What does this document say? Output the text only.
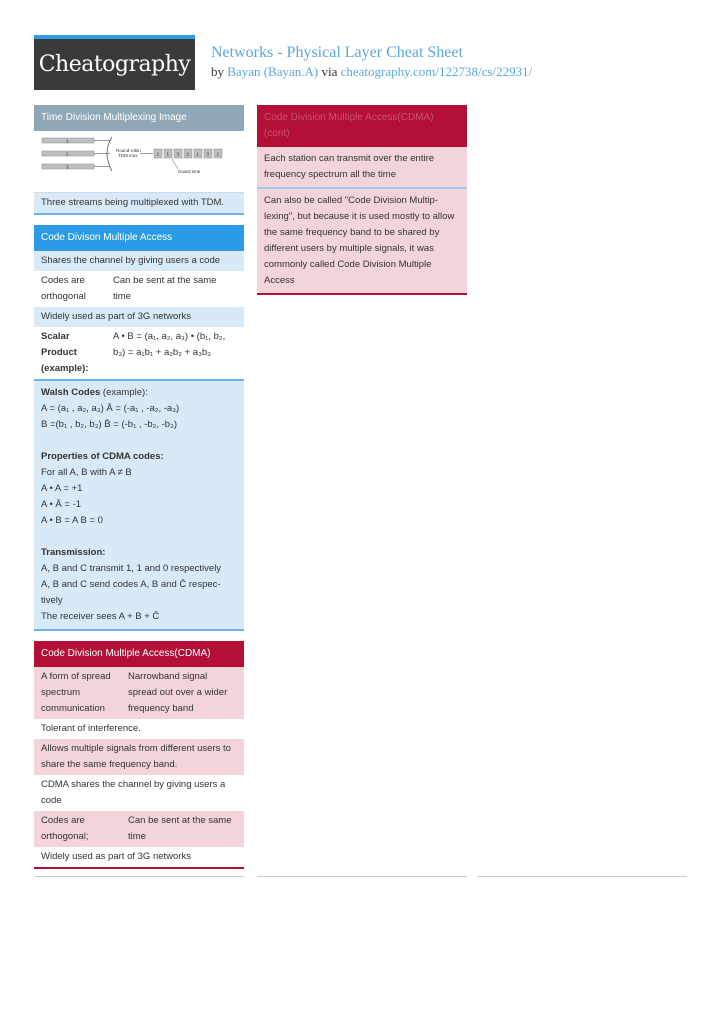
Cheatography Networks - Physical Layer Cheat Sheet
by Bayan (Bayan.A) via cheatography.com/122738/cs/22931/
Time Division Multiplexing Image
1
2
3
Round-robin
TDM mux	2 1 3 2 1 3 2
Guard time
Three streams being multiplexed with TDM.
Code Divison Multiple Access
Shares the channel by giving users a code
Codes are orthogonal
Can be sent at the same time
Widely used as part of 3G networks
Scalar Product (example):
A • B = (a₁, a₂, a₃) • (b₁, b₂, b₃) = a₁b₁ + a₂b₂ + a₃b₃
Walsh Codes (example):
A = (a₁ , a₂, a₃) Ā = (-a₁ , -a₂, -a₃)
B =(b₁ , b₂, b₃) B̄ = (-b₁ , -b₂, -b₃)
Properties of CDMA codes:
For all A, B with A ≠ B
A • A = +1
A • Ā = -1
A • B = A B = 0
Transmission:
A, B and C transmit 1, 1 and 0 respectively
A, B and C send codes A, B and C̄ respec-
tively
The receiver sees A + B + C̄
Code Division Multiple Access(CDMA)
A form of spread spectrum communication
Narrowband signal spread out over a wider frequency band
Tolerant of interference.
Allows multiple signals from different users to share the same frequency band.
CDMA shares the channel by giving users a code
Codes are orthogonal;
Can be sent at the same time
Widely used as part of 3G networks
Code Division Multiple Access(CDMA) (cont)
Each station can transmit over the entire frequency spectrum all the time
Can also be called "Code Division Multip-lexing", but because it is used mostly to allow the same frequency band to be shared by different users by multiple signals, it was commonly called Code Division Multiple Access
